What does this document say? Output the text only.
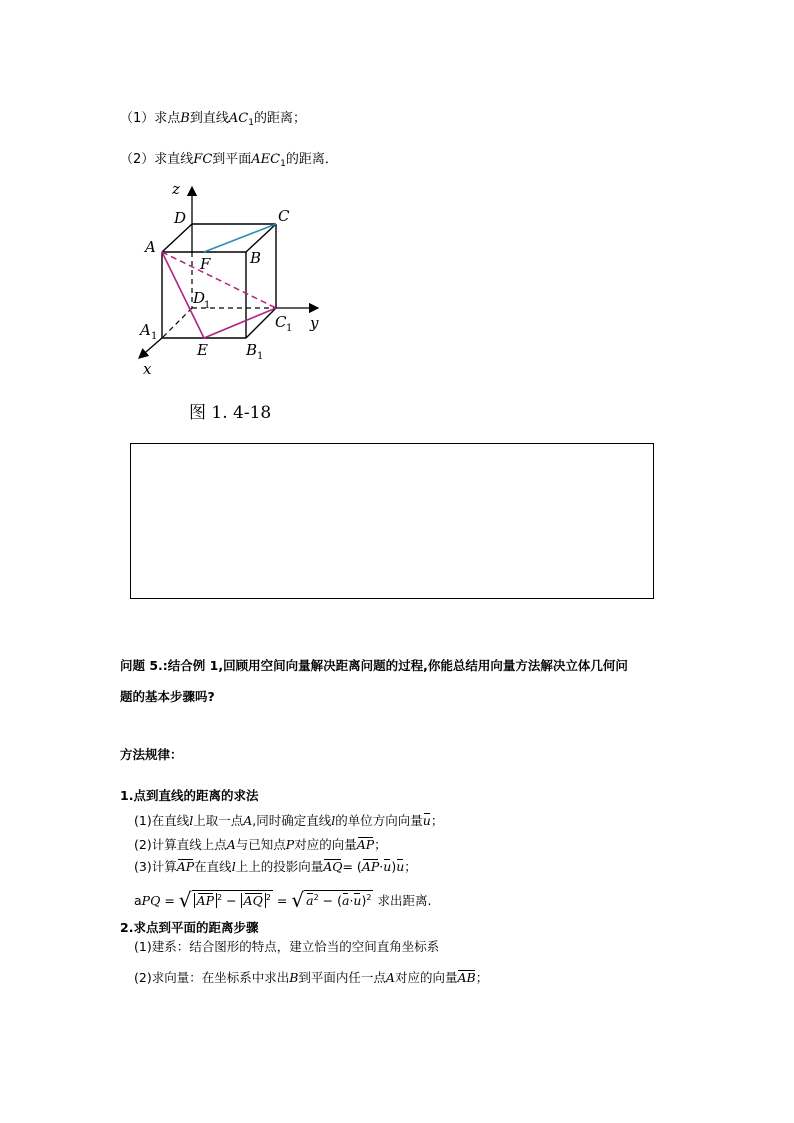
（1）求点B到直线$AC_1$的距离；
（2）求直线FC到平面$AEC_1$的距离．
z
D	C
A
F	B
D
1
C 1 y
A 1
E	B 1
x
图 1. 4-18
问题 5.:结合例 1,回顾用空间向量解决距离问题的过程,你能总结用向量方法解决立体几何问
题的基本步骤吗?
方法规律：
1.点到直线的距离的求法
(1)在直线l上取一点A,同时确定直线l的单位方向向量u；
(2)计算直线上点A与已知点P对应的向量AP；
(3)计算AP在直线l上上的投影向量AQ= (AP·u)u；
aPQ = √ AP $^2$ − AQ $^2$ = √ $a^2 - (a\cdot u)^2$ 求出距离.
2.求点到平面的距离步骤
(1)建系：结合图形的特点，建立恰当的空间直角坐标系
(2)求向量：在坐标系中求出B到平面内任一点A对应的向量AB；
